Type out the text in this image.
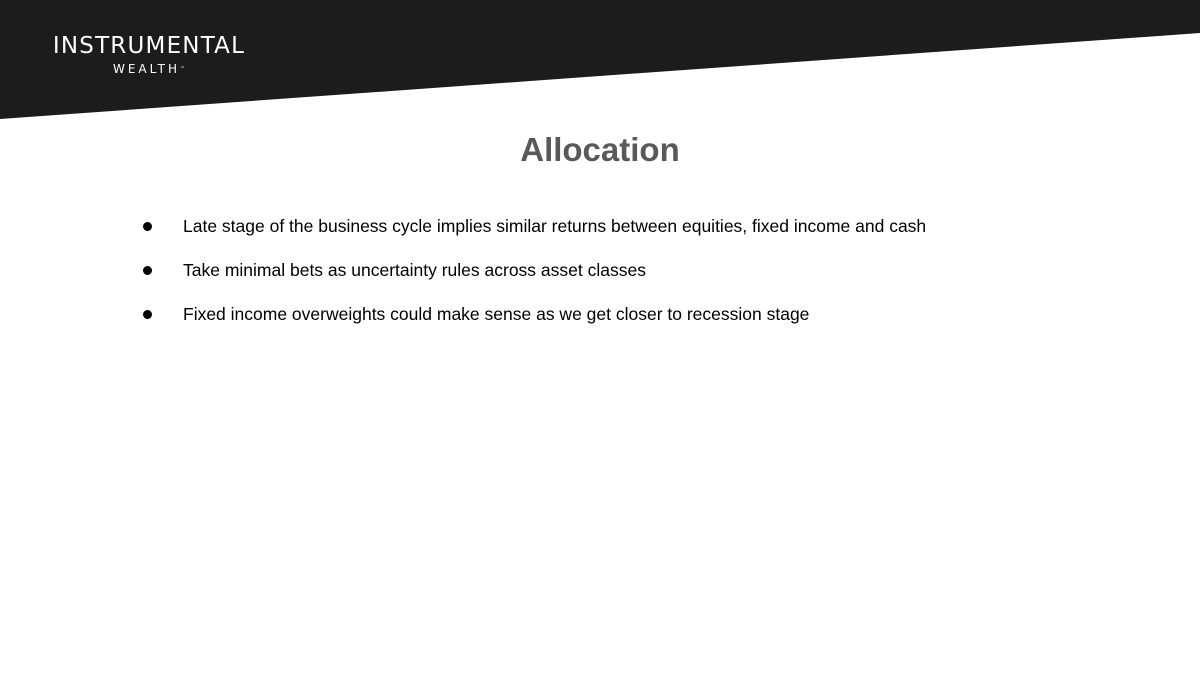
INSTRUMENTAL
WEALTH™
Allocation
Late stage of the business cycle implies similar returns between equities, fixed income and cash
Take minimal bets as uncertainty rules across asset classes
Fixed income overweights could make sense as we get closer to recession stage
